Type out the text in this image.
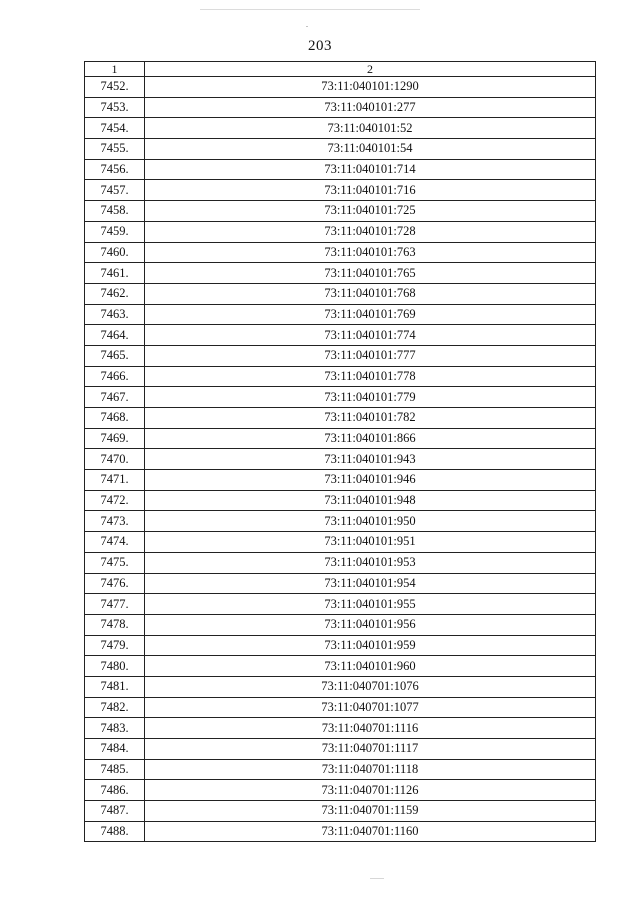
203
1	2
7452.	73:11:040101:1290
7453.	73:11:040101:277
7454.	73:11:040101:52
7455.	73:11:040101:54
7456.	73:11:040101:714
7457.	73:11:040101:716
7458.	73:11:040101:725
7459.	73:11:040101:728
7460.	73:11:040101:763
7461.	73:11:040101:765
7462.	73:11:040101:768
7463.	73:11:040101:769
7464.	73:11:040101:774
7465.	73:11:040101:777
7466.	73:11:040101:778
7467.	73:11:040101:779
7468.	73:11:040101:782
7469.	73:11:040101:866
7470.	73:11:040101:943
7471.	73:11:040101:946
7472.	73:11:040101:948
7473.	73:11:040101:950
7474.	73:11:040101:951
7475.	73:11:040101:953
7476.	73:11:040101:954
7477.	73:11:040101:955
7478.	73:11:040101:956
7479.	73:11:040101:959
7480.	73:11:040101:960
7481.	73:11:040701:1076
7482.	73:11:040701:1077
7483.	73:11:040701:1116
7484.	73:11:040701:1117
7485.	73:11:040701:1118
7486.	73:11:040701:1126
7487.	73:11:040701:1159
7488.	73:11:040701:1160
